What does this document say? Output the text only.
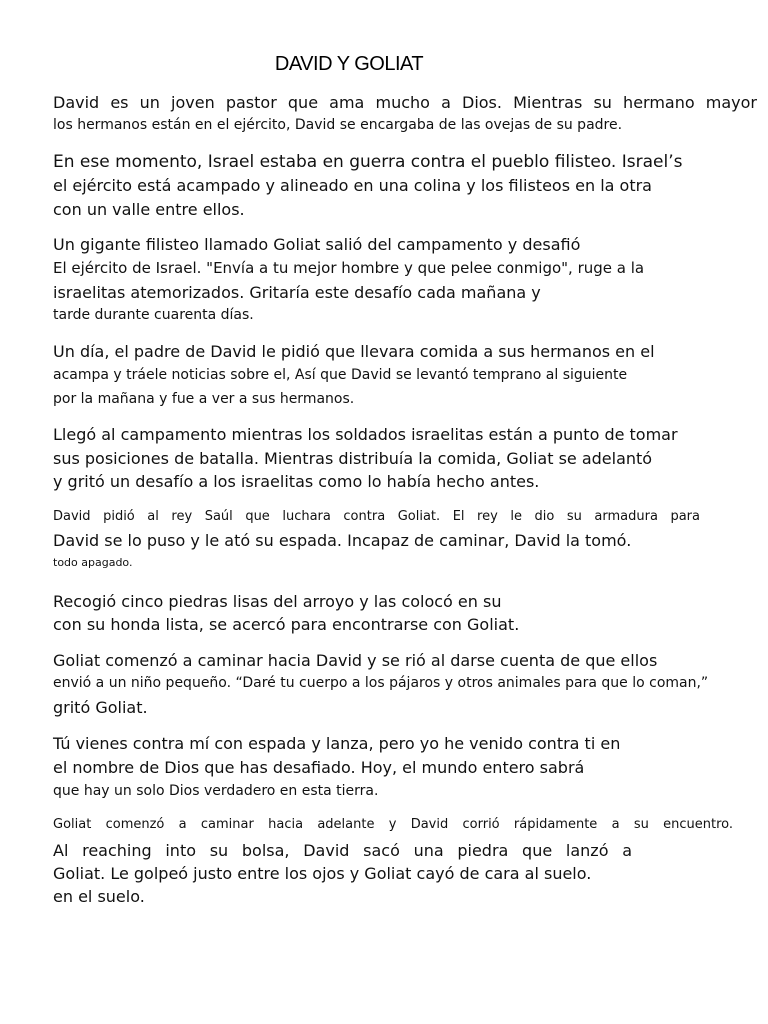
DAVID Y GOLIAT
David es un joven pastor que ama mucho a Dios. Mientras su hermano mayor
los hermanos están en el ejército, David se encargaba de las ovejas de su padre.
En ese momento, Israel estaba en guerra contra el pueblo filisteo. Israel’s
el ejército está acampado y alineado en una colina y los filisteos en la otra
con un valle entre ellos.
Un gigante filisteo llamado Goliat salió del campamento y desafió
El ejército de Israel. "Envía a tu mejor hombre y que pelee conmigo", ruge a la
israelitas atemorizados. Gritaría este desafío cada mañana y
tarde durante cuarenta días.
Un día, el padre de David le pidió que llevara comida a sus hermanos en el
acampa y tráele noticias sobre el, Así que David se levantó temprano al siguiente
por la mañana y fue a ver a sus hermanos.
Llegó al campamento mientras los soldados israelitas están a punto de tomar
sus posiciones de batalla. Mientras distribuía la comida, Goliat se adelantó
y gritó un desafío a los israelitas como lo había hecho antes.
David pidió al rey Saúl que luchara contra Goliat. El rey le dio su armadura para
David se lo puso y le ató su espada. Incapaz de caminar, David la tomó.
todo apagado.
Recogió cinco piedras lisas del arroyo y las colocó en su
con su honda lista, se acercó para encontrarse con Goliat.
Goliat comenzó a caminar hacia David y se rió al darse cuenta de que ellos
envió a un niño pequeño. “Daré tu cuerpo a los pájaros y otros animales para que lo coman,”
gritó Goliat.
Tú vienes contra mí con espada y lanza, pero yo he venido contra ti en
el nombre de Dios que has desafiado. Hoy, el mundo entero sabrá
que hay un solo Dios verdadero en esta tierra.
Goliat comenzó a caminar hacia adelante y David corrió rápidamente a su encuentro.
Al reaching into su bolsa, David sacó una piedra que lanzó a
Goliat. Le golpeó justo entre los ojos y Goliat cayó de cara al suelo.
en el suelo.
